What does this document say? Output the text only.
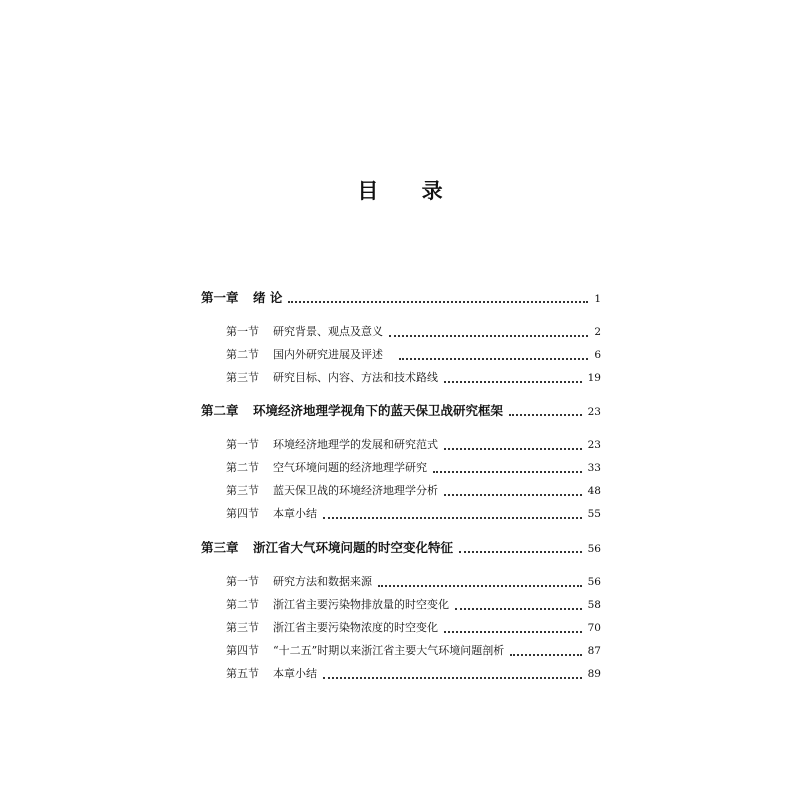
目 录
第一章	绪 论	1
第一节	研究背景、观点及意义	2
第二节	国内外研究进展及评述	6
第三节	研究目标、内容、方法和技术路线	19
第二章	环境经济地理学视角下的蓝天保卫战研究框架	23
第一节	环境经济地理学的发展和研究范式	23
第二节	空气环境问题的经济地理学研究	33
第三节	蓝天保卫战的环境经济地理学分析	48
第四节	本章小结	55
第三章	浙江省大气环境问题的时空变化特征	56
第一节	研究方法和数据来源	56
第二节	浙江省主要污染物排放量的时空变化	58
第三节	浙江省主要污染物浓度的时空变化	70
第四节	“十二五”时期以来浙江省主要大气环境问题剖析	87
第五节	本章小结	89
